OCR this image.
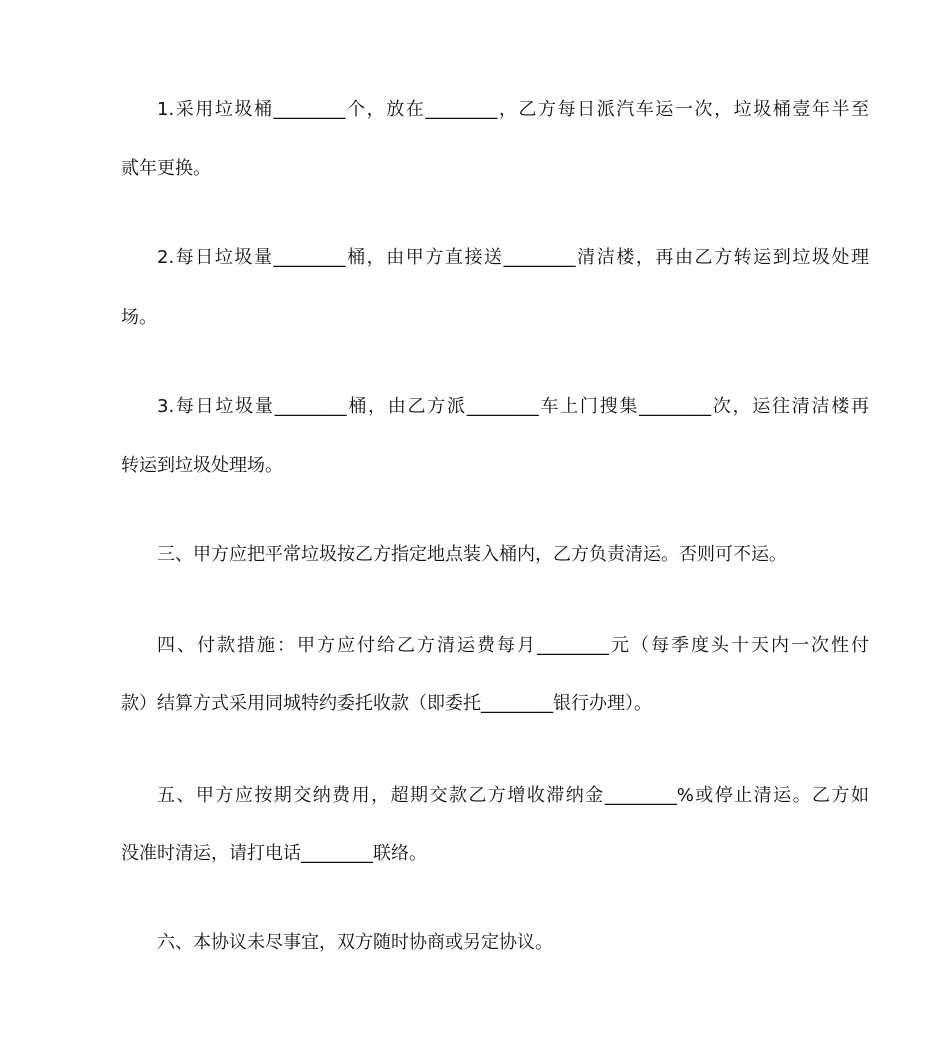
1.采用垃圾桶________个，放在________，乙方每日派汽车运一次，垃圾桶壹年半至
贰年更换。
2.每日垃圾量________桶，由甲方直接送________清洁楼，再由乙方转运到垃圾处理
场。
3.每日垃圾量________桶，由乙方派________车上门搜集________次，运往清洁楼再
转运到垃圾处理场。
三、甲方应把平常垃圾按乙方指定地点装入桶内，乙方负责清运。否则可不运。
四、付款措施：甲方应付给乙方清运费每月________元（每季度头十天内一次性付
款）结算方式采用同城特约委托收款（即委托________银行办理）。
五、甲方应按期交纳费用，超期交款乙方增收滞纳金________%或停止清运。乙方如
没准时清运，请打电话________联络。
六、本协议未尽事宜，双方随时协商或另定协议。
